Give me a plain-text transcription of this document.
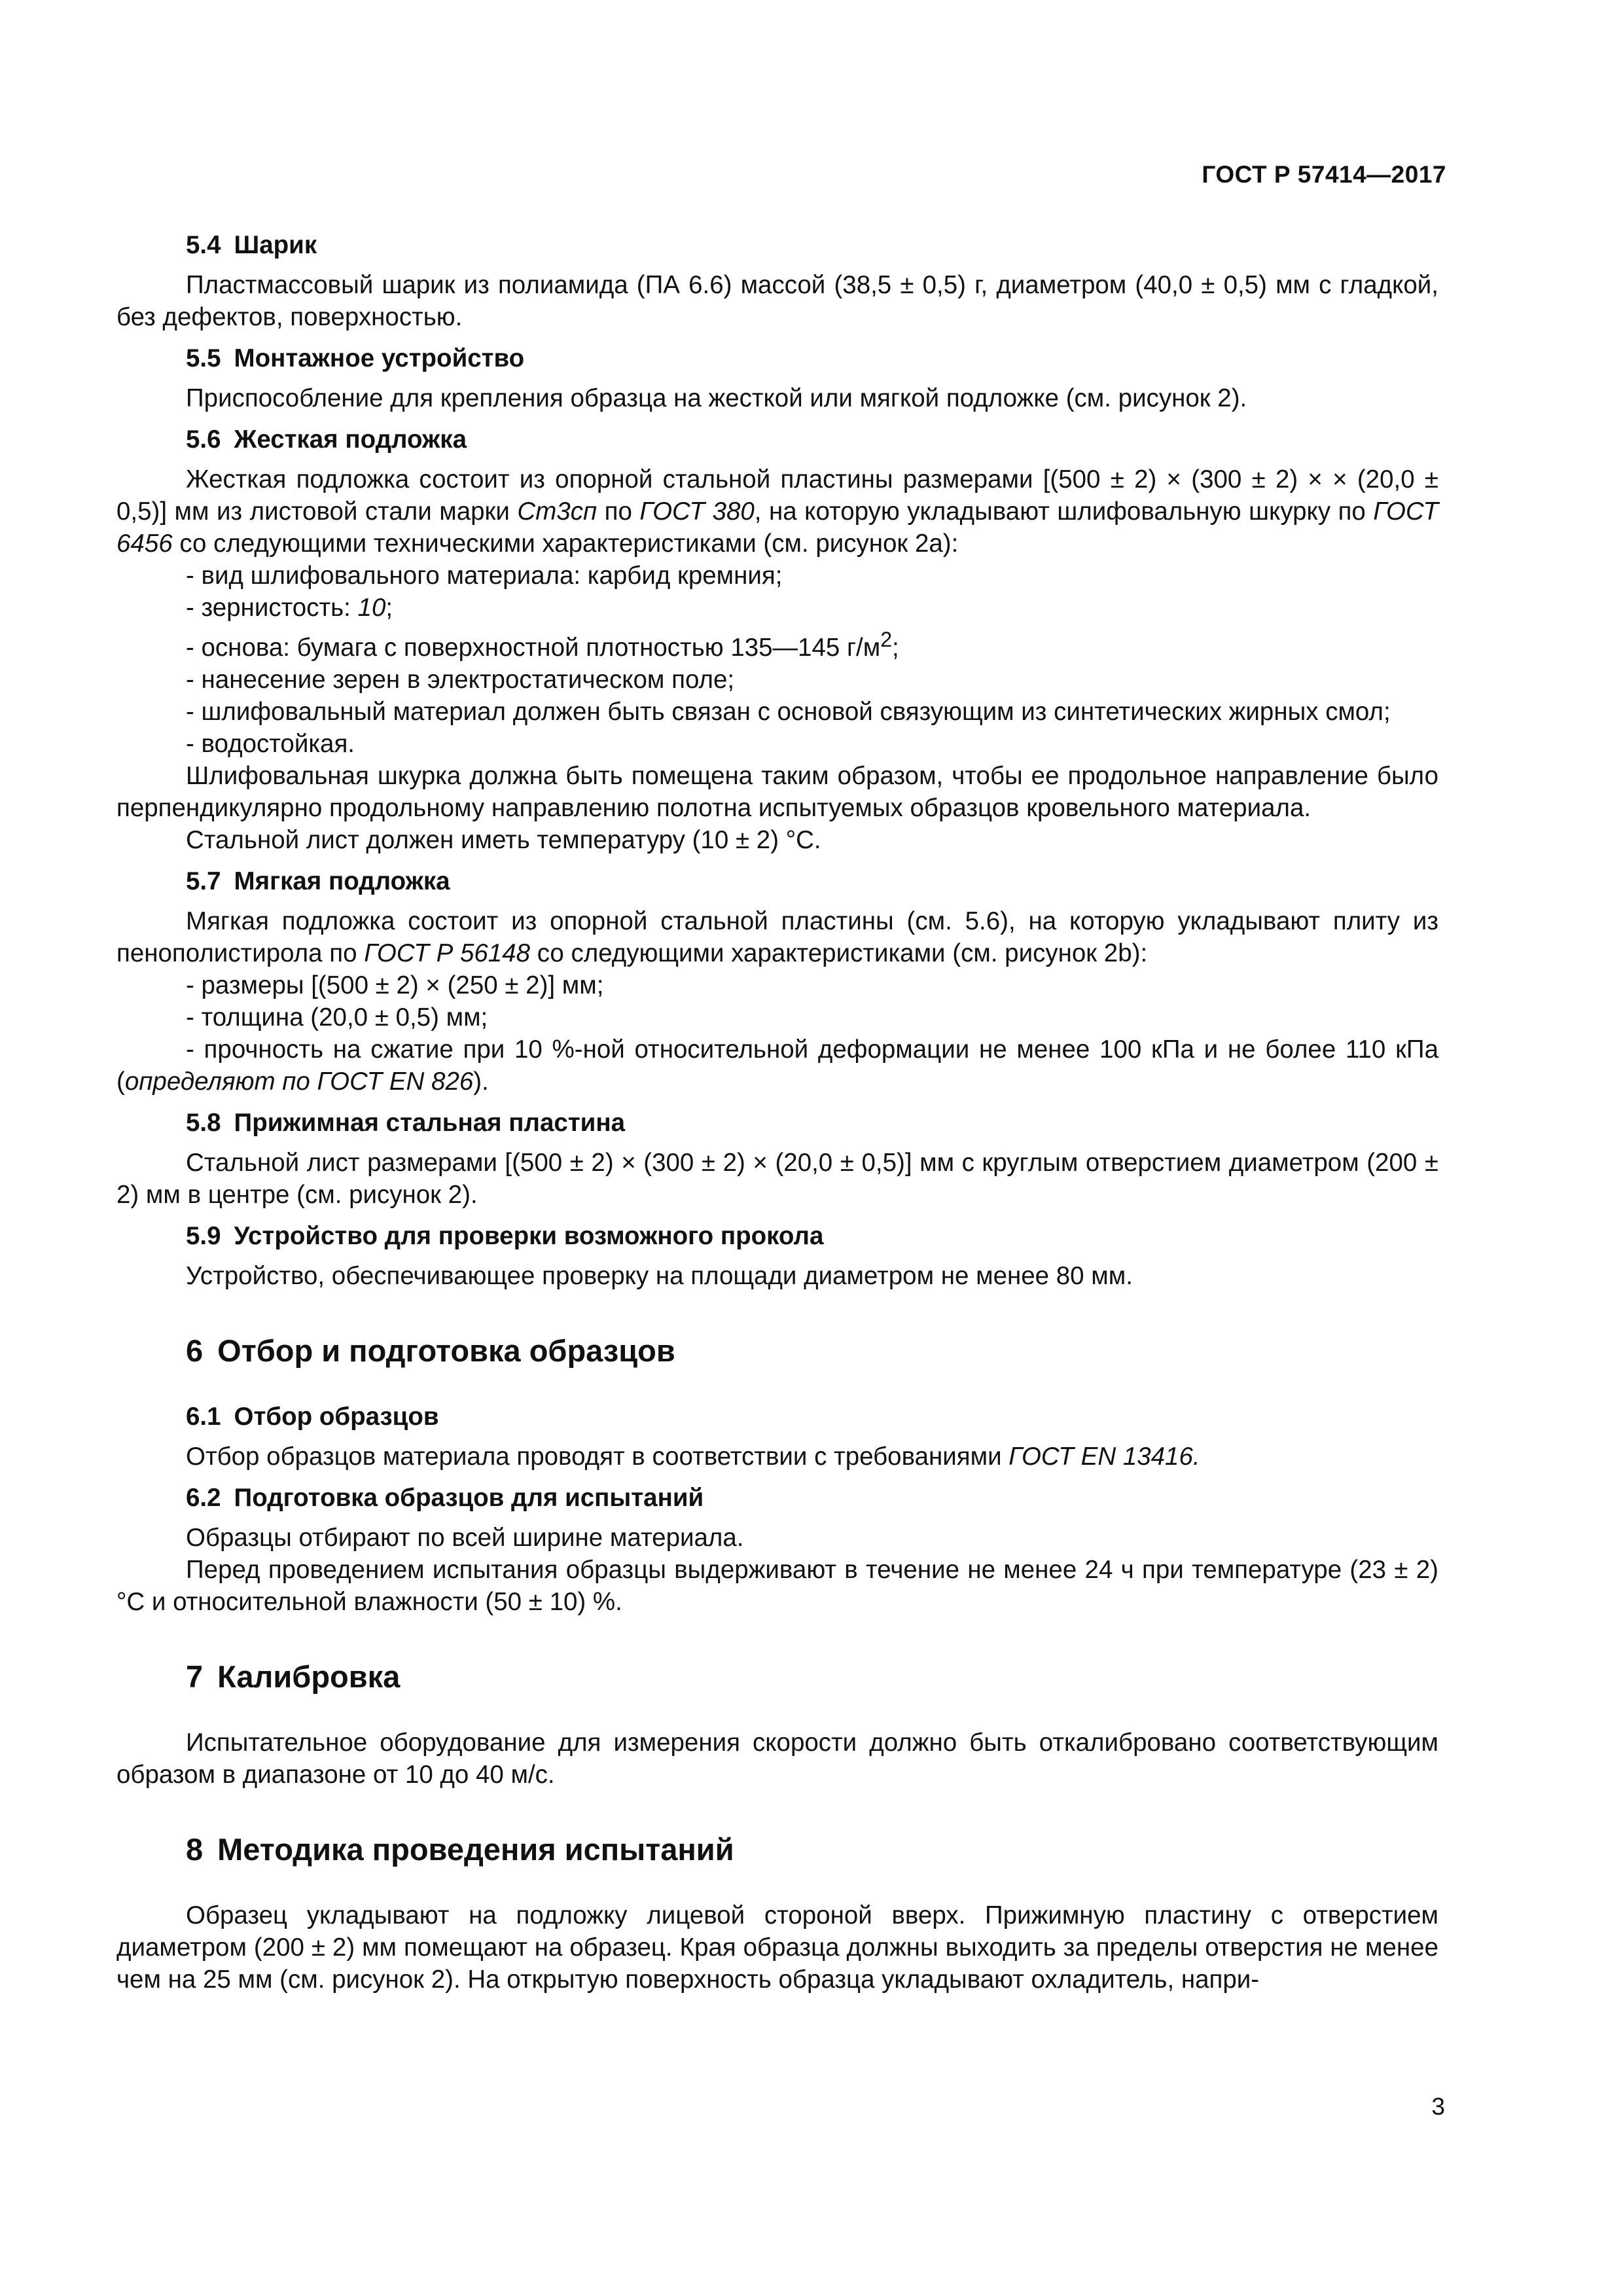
ГОСТ Р 57414—2017
5.4 Шарик

Пластмассовый шарик из полиамида (ПА 6.6) массой (38,5 ± 0,5) г, диаметром (40,0 ± 0,5) мм с гладкой, без дефектов, поверхностью.

5.5 Монтажное устройство

Приспособление для крепления образца на жесткой или мягкой подложке (см. рисунок 2).

5.6 Жесткая подложка

Жесткая подложка состоит из опорной стальной пластины размерами [(500 ± 2) × (300 ± 2) × × (20,0 ± 0,5)] мм из листовой стали марки Ст3сп по ГОСТ 380, на которую укладывают шлифовальную шкурку по ГОСТ 6456 со следующими техническими характеристиками (см. рисунок 2а):

- вид шлифовального материала: карбид кремния;
- зернистость: 10;
- основа: бумага с поверхностной плотностью 135—145 $г/м^2$;
- нанесение зерен в электростатическом поле;

- шлифовальный материал должен быть связан с основой связующим из синтетических жирных смол;

- водостойкая.

Шлифовальная шкурка должна быть помещена таким образом, чтобы ее продольное направление было перпендикулярно продольному направлению полотна испытуемых образцов кровельного материала.

Стальной лист должен иметь температуру (10 ± 2) °С.

5.7 Мягкая подложка

Мягкая подложка состоит из опорной стальной пластины (см. 5.6), на которую укладывают плиту из пенополистирола по ГОСТ Р 56148 со следующими характеристиками (см. рисунок 2b):

- размеры [(500 ± 2) × (250 ± 2)] мм;
- толщина (20,0 ± 0,5) мм;

- прочность на сжатие при 10 %-ной относительной деформации не менее 100 кПа и не более 110 кПа (определяют по ГОСТ EN 826).

5.8 Прижимная стальная пластина

Стальной лист размерами [(500 ± 2) × (300 ± 2) × (20,0 ± 0,5)] мм с круглым отверстием диаметром (200 ± 2) мм в центре (см. рисунок 2).

5.9 Устройство для проверки возможного прокола

Устройство, обеспечивающее проверку на площади диаметром не менее 80 мм.

6 Отбор и подготовка образцов
6.1 Отбор образцов

Отбор образцов материала проводят в соответствии с требованиями ГОСТ EN 13416.

6.2 Подготовка образцов для испытаний

Образцы отбирают по всей ширине материала.

Перед проведением испытания образцы выдерживают в течение не менее 24 ч при температуре (23 ± 2) °С и относительной влажности (50 ± 10) %.

7 Калибровка

Испытательное оборудование для измерения скорости должно быть откалибровано соответствующим образом в диапазоне от 10 до 40 м/с.

8 Методика проведения испытаний

Образец укладывают на подложку лицевой стороной вверх. Прижимную пластину с отверстием диаметром (200 ± 2) мм помещают на образец. Края образца должны выходить за пределы отверстия не менее чем на 25 мм (см. рисунок 2). На открытую поверхность образца укладывают охладитель, напри-

3
